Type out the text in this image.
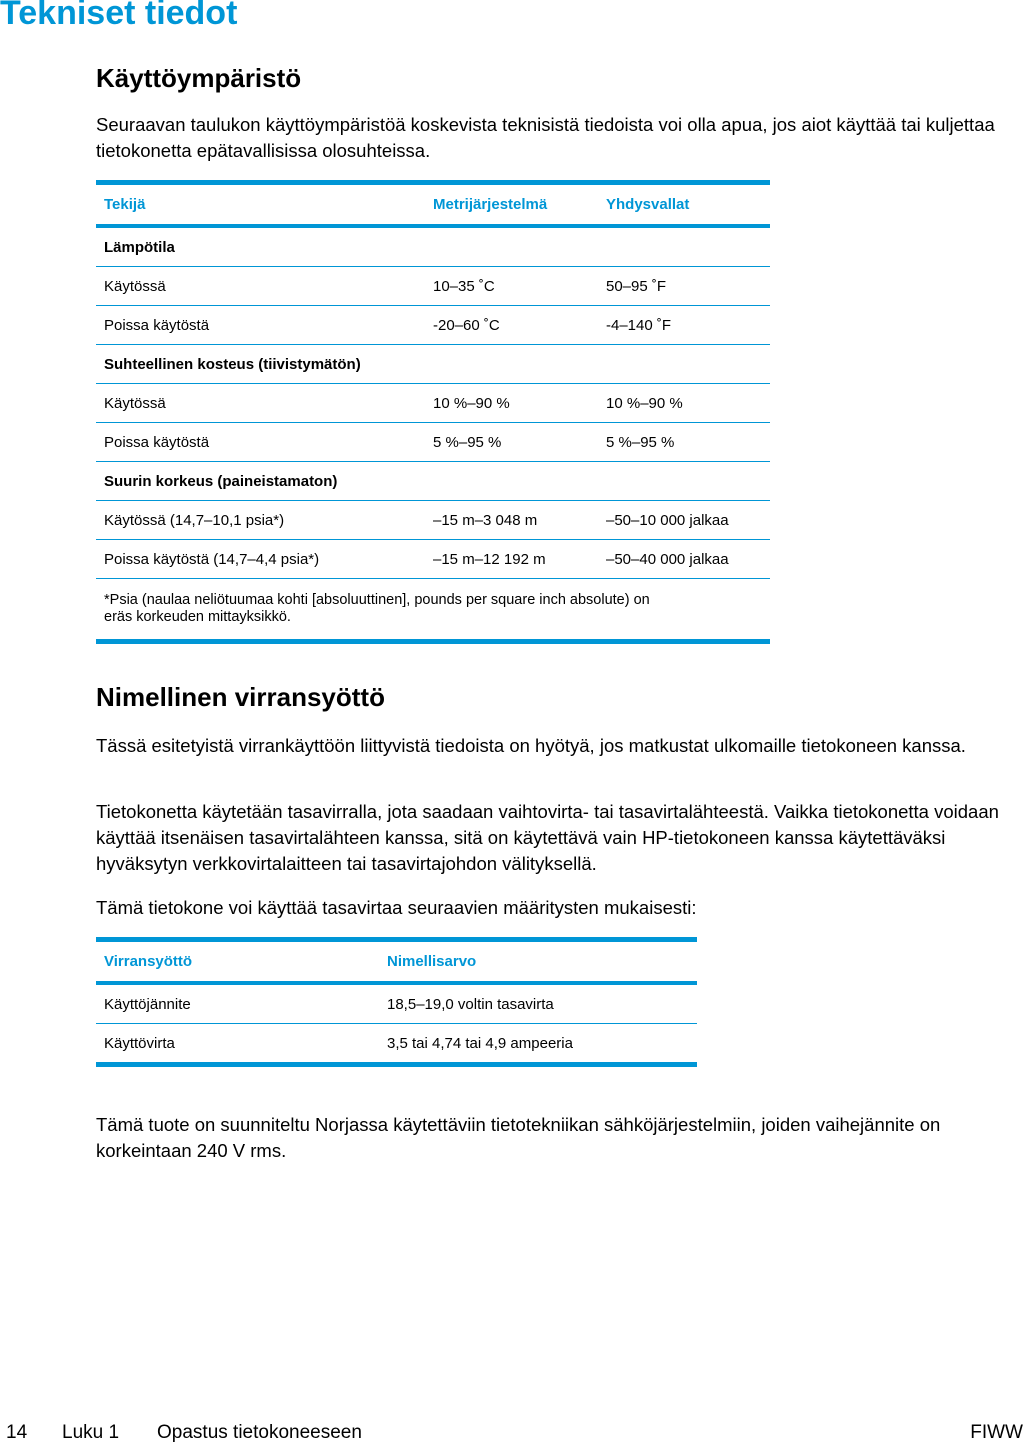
Tekniset tiedot
Käyttöympäristö

Seuraavan taulukon käyttöympäristöä koskevista teknisistä tiedoista voi olla apua, jos aiot käyttää tai kuljettaa tietokonetta epätavallisissa olosuhteissa.

Tekijä	Metrijärjestelmä	Yhdysvallat
Lämpötila		
Käytössä	10–35 ˚C	50–95 ˚F
Poissa käytöstä	-20–60 ˚C	-4–140 ˚F
Suhteellinen kosteus (tiivistymätön)		
Käytössä	10 %–90 %	10 %–90 %
Poissa käytöstä	5 %–95 %	5 %–95 %
Suurin korkeus (paineistamaton)		
Käytössä (14,7–10,1 psia*)	–15 m–3 048 m	–50–10 000 jalkaa
Poissa käytöstä (14,7–4,4 psia*)	–15 m–12 192 m	–50–40 000 jalkaa
*Psia (naulaa neliötuumaa kohti [absoluuttinen], pounds per square inch absolute) on
eräs korkeuden mittayksikkö.		
Nimellinen virransyöttö

Tässä esitetyistä virrankäyttöön liittyvistä tiedoista on hyötyä, jos matkustat ulkomaille tietokoneen kanssa.

Tietokonetta käytetään tasavirralla, jota saadaan vaihtovirta- tai tasavirtalähteestä. Vaikka tietokonetta voidaan käyttää itsenäisen tasavirtalähteen kanssa, sitä on käytettävä vain HP-tietokoneen kanssa käytettäväksi hyväksytyn verkkovirtalaitteen tai tasavirtajohdon välityksellä.

Tämä tietokone voi käyttää tasavirtaa seuraavien määritysten mukaisesti:

Virransyöttö	Nimellisarvo
Käyttöjännite	18,5–19,0 voltin tasavirta
Käyttövirta	3,5 tai 4,74 tai 4,9 ampeeria

Tämä tuote on suunniteltu Norjassa käytettäviin tietotekniikan sähköjärjestelmiin, joiden vaihejännite on korkeintaan 240 V rms.

14 Luku 1 Opastus tietokoneeseen	FIWW
